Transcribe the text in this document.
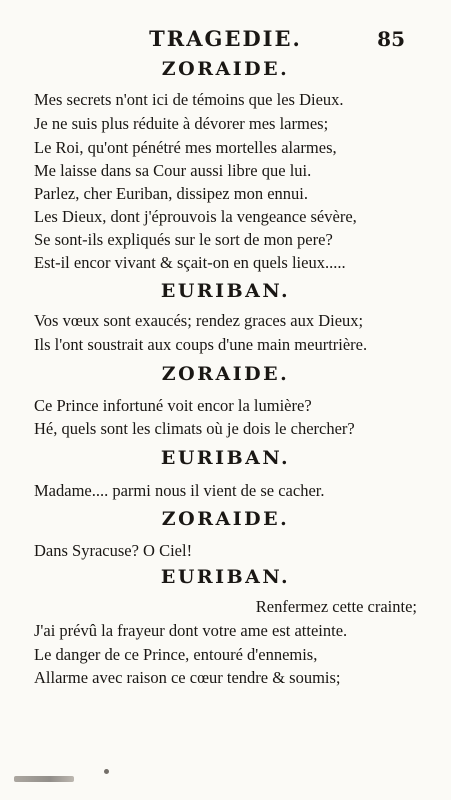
TRAGEDIE.	85
ZORAIDE.
Mes secrets n'ont ici de témoins que les Dieux.
Je ne suis plus réduite à dévorer mes larmes;
Le Roi, qu'ont pénétré mes mortelles alarmes,
Me laisse dans sa Cour aussi libre que lui.
Parlez, cher Euriban, dissipez mon ennui.
Les Dieux, dont j'éprouvois la vengeance sévère,
Se sont-ils expliqués sur le sort de mon pere?
Est-il encor vivant & sçait-on en quels lieux.....
EURIBAN.
Vos vœux sont exaucés; rendez graces aux Dieux;
Ils l'ont soustrait aux coups d'une main meurtrière.
ZORAIDE.
Ce Prince infortuné voit encor la lumière?
Hé, quels sont les climats où je dois le chercher?
EURIBAN.
Madame.... parmi nous il vient de se cacher.
ZORAIDE.
Dans Syracuse? O Ciel!
EURIBAN.
Renfermez cette crainte;
J'ai prévû la frayeur dont votre ame est atteinte.
Le danger de ce Prince, entouré d'ennemis,
Allarme avec raison ce cœur tendre & soumis;
